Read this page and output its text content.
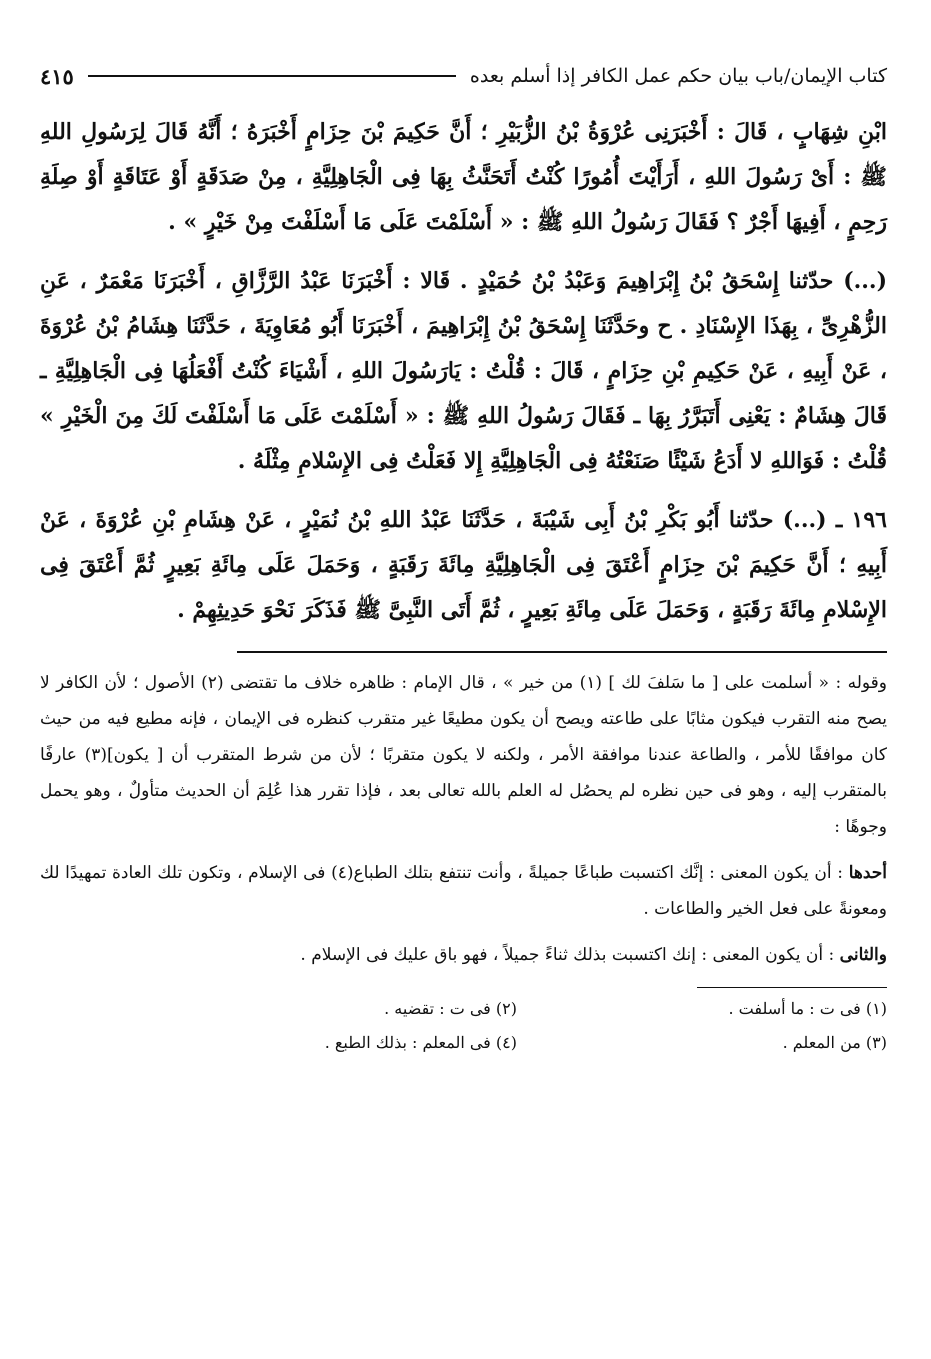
كتاب الإيمان/باب بيان حكم عمل الكافر إذا أسلم بعده
٤١٥

ابْنِ شِهَابٍ ، قَالَ : أَخْبَرَنِى عُرْوَةُ بْنُ الزُّبَيْرِ ؛ أَنَّ حَكِيمَ بْنَ حِزَامٍ أَخْبَرَهُ ؛ أَنَّهُ قَالَ لِرَسُولِ اللهِ ﷺ : أَىْ رَسُولَ اللهِ ، أَرَأَيْتَ أُمُورًا كُنْتُ أَتَحَنَّثُ بِهَا فِى الْجَاهِلِيَّةِ ، مِنْ صَدَقَةٍ أَوْ عَتَاقَةٍ أَوْ صِلَةِ رَحِمٍ ، أَفِيهَا أَجْرٌ ؟ فَقَالَ رَسُولُ اللهِ ﷺ : « أَسْلَمْتَ عَلَى مَا أَسْلَفْتَ مِنْ خَيْرٍ » .

(...) حدّثنا إِسْحَقُ بْنُ إِبْرَاهِيمَ وَعَبْدُ بْنُ حُمَيْدٍ . قَالا : أَخْبَرَنَا عَبْدُ الرَّزَّاقِ ، أَخْبَرَنَا مَعْمَرٌ ، عَنِ الزُّهْرِىِّ ، بِهَذَا الإِسْنَادِ . ح وحَدَّثَنَا إِسْحَقُ بْنُ إِبْرَاهِيمَ ، أَخْبَرَنَا أَبُو مُعَاوِيَةَ ، حَدَّثَنَا هِشَامُ بْنُ عُرْوَةَ ، عَنْ أَبِيهِ ، عَنْ حَكِيمِ بْنِ حِزَامٍ ، قَالَ : قُلْتُ : يَارَسُولَ اللهِ ، أَشْيَاءَ كُنْتُ أَفْعَلُهَا فِى الْجَاهِلِيَّةِ ـ قَالَ هِشَامٌ : يَعْنِى أَتَبَرَّرُ بِهَا ـ فَقَالَ رَسُولُ اللهِ ﷺ : « أَسْلَمْتَ عَلَى مَا أَسْلَفْتَ لَكَ مِنَ الْخَيْرِ » قُلْتُ : فَوَاللهِ لا أَدَعُ شَيْئًا صَنَعْتُهُ فِى الْجَاهِلِيَّةِ إِلا فَعَلْتُ فِى الإِسْلامِ مِثْلَهُ .

١٩٦ ـ (...) حدّثنا أَبُو بَكْرِ بْنُ أَبِى شَيْبَةَ ، حَدَّثَنَا عَبْدُ اللهِ بْنُ نُمَيْرٍ ، عَنْ هِشَامِ بْنِ عُرْوَةَ ، عَنْ أَبِيهِ ؛ أَنَّ حَكِيمَ بْنَ حِزَامٍ أَعْتَقَ فِى الْجَاهِلِيَّةِ مِائَةَ رَقَبَةٍ ، وَحَمَلَ عَلَى مِائَةِ بَعِيرٍ ثُمَّ أَعْتَقَ فِى الإِسْلامِ مِائَةَ رَقَبَةٍ ، وَحَمَلَ عَلَى مِائَةِ بَعِيرٍ ، ثُمَّ أَتَى النَّبِىَّ ﷺ فَذَكَرَ نَحْوَ حَدِيثِهِمْ .

وقوله : « أسلمت على [ ما سَلفَ لك ] (١) من خير » ، قال الإمام : ظاهره خلاف ما تقتضى (٢) الأصول ؛ لأن الكافر لا يصح منه التقرب فيكون مثابًا على طاعته ويصح أن يكون مطيعًا غير متقرب كنظره فى الإيمان ، فإنه مطيع فيه من حيث كان موافقًا للأمر ، والطاعة عندنا موافقة الأمر ، ولكنه لا يكون متقربًا ؛ لأن من شرط المتقرب أن [ يكون](٣) عارفًا بالمتقرب إليه ، وهو فى حين نظره لم يحصُل له العلم بالله تعالى بعد ، فإذا تقرر هذا عُلِمَ أن الحديث متأولٌ ، وهو يحمل وجوهًا :

أحدها : أن يكون المعنى : إنَّك اكتسبت طباعًا جميلةً ، وأنت تنتفع بتلك الطباع(٤) فى الإسلام ، وتكون تلك العادة تمهيدًا لك ومعونةً على فعل الخير والطاعات .

والثانى : أن يكون المعنى : إنك اكتسبت بذلك ثناءً جميلاً ، فهو باق عليك فى الإسلام .

(١) فى ت : ما أسلفت .
(٢) فى ت : تقضيه .
(٣) من المعلم .
(٤) فى المعلم : بذلك الطبع .
